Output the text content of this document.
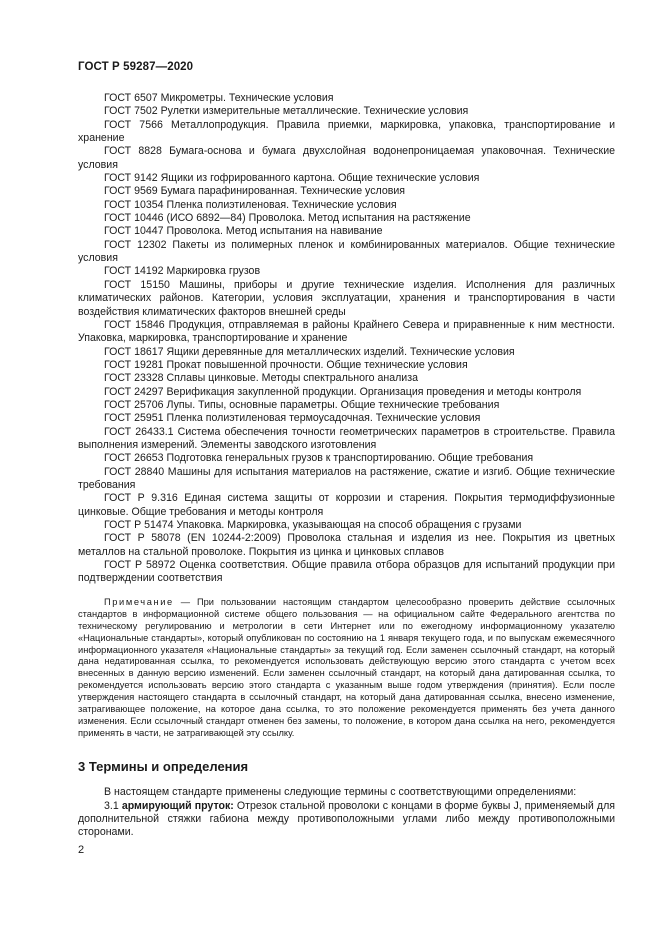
ГОСТ Р 59287—2020

ГОСТ 6507 Микрометры. Технические условия

ГОСТ 7502 Рулетки измерительные металлические. Технические условия

ГОСТ 7566 Металлопродукция. Правила приемки, маркировка, упаковка, транспортирование и хранение

ГОСТ 8828 Бумага-основа и бумага двухслойная водонепроницаемая упаковочная. Технические условия

ГОСТ 9142 Ящики из гофрированного картона. Общие технические условия

ГОСТ 9569 Бумага парафинированная. Технические условия

ГОСТ 10354 Пленка полиэтиленовая. Технические условия

ГОСТ 10446 (ИСО 6892—84) Проволока. Метод испытания на растяжение

ГОСТ 10447 Проволока. Метод испытания на навивание

ГОСТ 12302 Пакеты из полимерных пленок и комбинированных материалов. Общие технические условия

ГОСТ 14192 Маркировка грузов

ГОСТ 15150 Машины, приборы и другие технические изделия. Исполнения для различных климатических районов. Категории, условия эксплуатации, хранения и транспортирования в части воздействия климатических факторов внешней среды

ГОСТ 15846 Продукция, отправляемая в районы Крайнего Севера и приравненные к ним местности. Упаковка, маркировка, транспортирование и хранение

ГОСТ 18617 Ящики деревянные для металлических изделий. Технические условия

ГОСТ 19281 Прокат повышенной прочности. Общие технические условия

ГОСТ 23328 Сплавы цинковые. Методы спектрального анализа

ГОСТ 24297 Верификация закупленной продукции. Организация проведения и методы контроля

ГОСТ 25706 Лупы. Типы, основные параметры. Общие технические требования

ГОСТ 25951 Пленка полиэтиленовая термоусадочная. Технические условия

ГОСТ 26433.1 Система обеспечения точности геометрических параметров в строительстве. Правила выполнения измерений. Элементы заводского изготовления

ГОСТ 26653 Подготовка генеральных грузов к транспортированию. Общие требования

ГОСТ 28840 Машины для испытания материалов на растяжение, сжатие и изгиб. Общие технические требования

ГОСТ Р 9.316 Единая система защиты от коррозии и старения. Покрытия термодиффузионные цинковые. Общие требования и методы контроля

ГОСТ Р 51474 Упаковка. Маркировка, указывающая на способ обращения с грузами

ГОСТ Р 58078 (EN 10244-2:2009) Проволока стальная и изделия из нее. Покрытия из цветных металлов на стальной проволоке. Покрытия из цинка и цинковых сплавов

ГОСТ Р 58972 Оценка соответствия. Общие правила отбора образцов для испытаний продукции при подтверждении соответствия

Примечание — При пользовании настоящим стандартом целесообразно проверить действие ссылочных стандартов в информационной системе общего пользования — на официальном сайте Федерального агентства по техническому регулированию и метрологии в сети Интернет или по ежегодному информационному указателю «Национальные стандарты», который опубликован по состоянию на 1 января текущего года, и по выпускам ежемесячного информационного указателя «Национальные стандарты» за текущий год. Если заменен ссылочный стандарт, на который дана недатированная ссылка, то рекомендуется использовать действующую версию этого стандарта с учетом всех внесенных в данную версию изменений. Если заменен ссылочный стандарт, на который дана датированная ссылка, то рекомендуется использовать версию этого стандарта с указанным выше годом утверждения (принятия). Если после утверждения настоящего стандарта в ссылочный стандарт, на который дана датированная ссылка, внесено изменение, затрагивающее положение, на которое дана ссылка, то это положение рекомендуется применять без учета данного изменения. Если ссылочный стандарт отменен без замены, то положение, в котором дана ссылка на него, рекомендуется применять в части, не затрагивающей эту ссылку.
3 Термины и определения

В настоящем стандарте применены следующие термины с соответствующими определениями:

3.1 армирующий пруток: Отрезок стальной проволоки с концами в форме буквы J, применяемый для дополнительной стяжки габиона между противоположными углами либо между противоположными сторонами.

2
